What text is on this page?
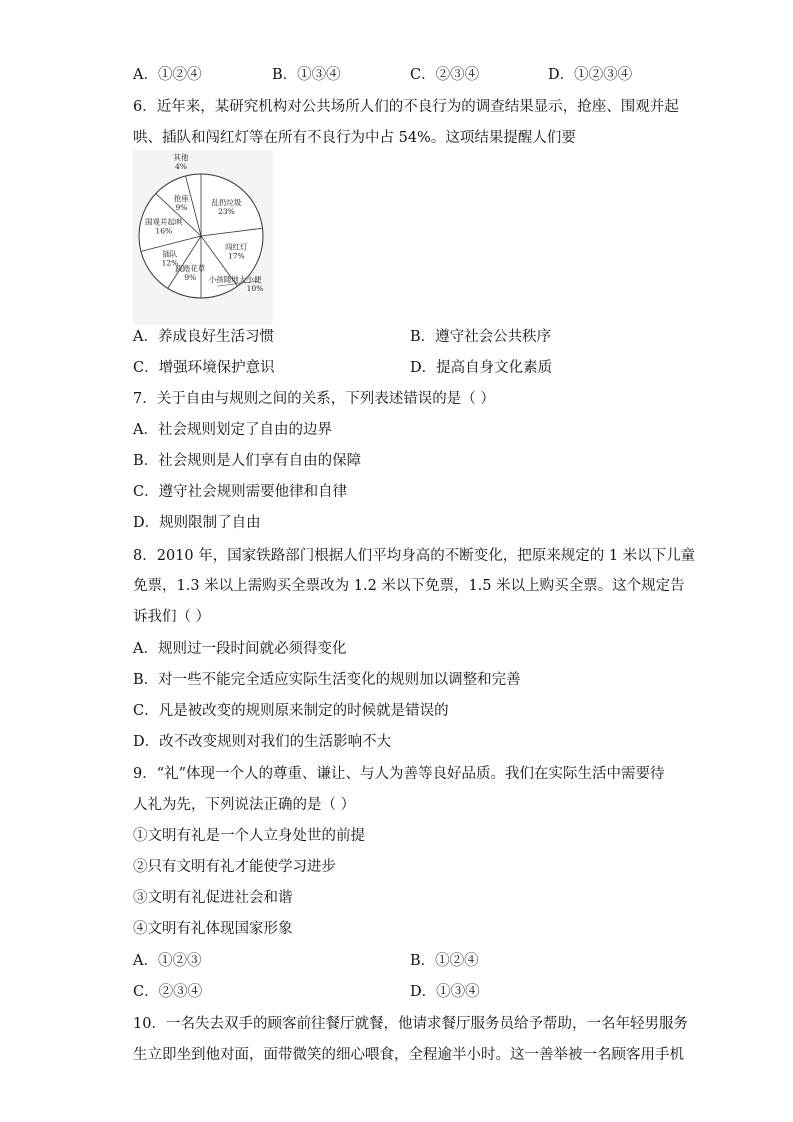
A．①②④	B．①③④	C．②③④	D．①②③④
6．近年来，某研究机构对公共场所人们的不良行为的调查结果显示，抢座、围观并起
哄、插队和闯红灯等在所有不良行为中占 54%。这项结果提醒人们要
乱扔垃圾
23%
闯红灯
17%
小孩随地大小便
10%
践踏花草
9%
插队
12%
围观并起哄
16%
抢座
9%
其他
4%
A．养成良好生活习惯	B．遵守社会公共秩序
C．增强环境保护意识	D．提高自身文化素质
7．关于自由与规则之间的关系，下列表述错误的是（ ）
A．社会规则划定了自由的边界
B．社会规则是人们享有自由的保障
C．遵守社会规则需要他律和自律
D．规则限制了自由
8．2010 年，国家铁路部门根据人们平均身高的不断变化，把原来规定的 1 米以下儿童
免票，1.3 米以上需购买全票改为 1.2 米以下免票，1.5 米以上购买全票。这个规定告
诉我们（ ）
A．规则过一段时间就必须得变化
B．对一些不能完全适应实际生活变化的规则加以调整和完善
C．凡是被改变的规则原来制定的时候就是错误的
D．改不改变规则对我们的生活影响不大
9．“礼”体现一个人的尊重、谦让、与人为善等良好品质。我们在实际生活中需要待
人礼为先，下列说法正确的是（ ）
①文明有礼是一个人立身处世的前提
②只有文明有礼才能使学习进步
③文明有礼促进社会和谐
④文明有礼体现国家形象
A．①②③	B．①②④
C．②③④	D．①③④
10．一名失去双手的顾客前往餐厅就餐，他请求餐厅服务员给予帮助，一名年轻男服务
生立即坐到他对面，面带微笑的细心喂食，全程逾半小时。这一善举被一名顾客用手机
